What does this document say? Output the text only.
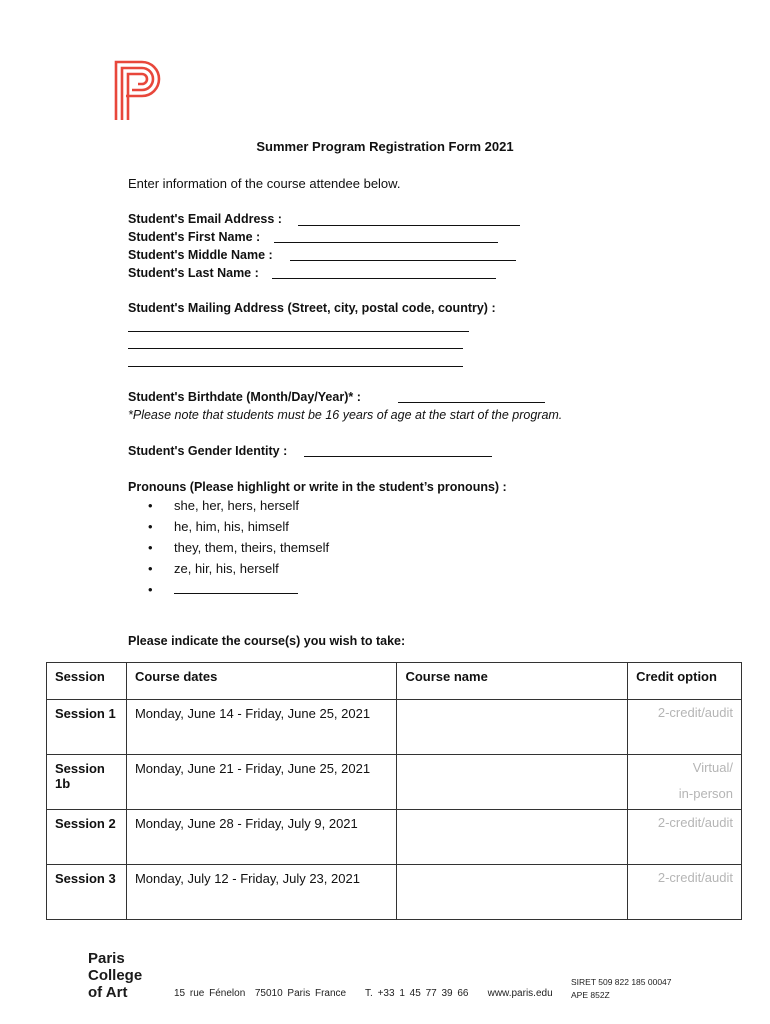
Summer Program Registration Form 2021
Enter information of the course attendee below.
Student's Email Address :
Student's First Name :
Student's Middle Name :
Student's Last Name :
Student's Mailing Address (Street, city, postal code, country) :
Student's Birthdate (Month/Day/Year)* :
*Please note that students must be 16 years of age at the start of the program.
Student's Gender Identity :
Pronouns (Please highlight or write in the student’s pronouns) :
• she, her, hers, herself
• he, him, his, himself
• they, them, theirs, themself
• ze, hir, his, herself
•
Please indicate the course(s) you wish to take:
Session	Course dates	Course name	Credit option
Session 1	Monday, June 14 - Friday, June 25, 2021		2-credit/audit
Session 1b	Monday, June 21 - Friday, June 25, 2021		Virtual/
in-person

Session 2	Monday, June 28 - Friday, July 9, 2021		2-credit/audit
Session 3	Monday, July 12 - Friday, July 23, 2021		2-credit/audit
Paris
College
of Art	15 rue Fénelon  75010 Paris France    T. +33 1 45 77 39 66    www.paris.edu
SIRET 509 822 185 00047
APE 852Z
